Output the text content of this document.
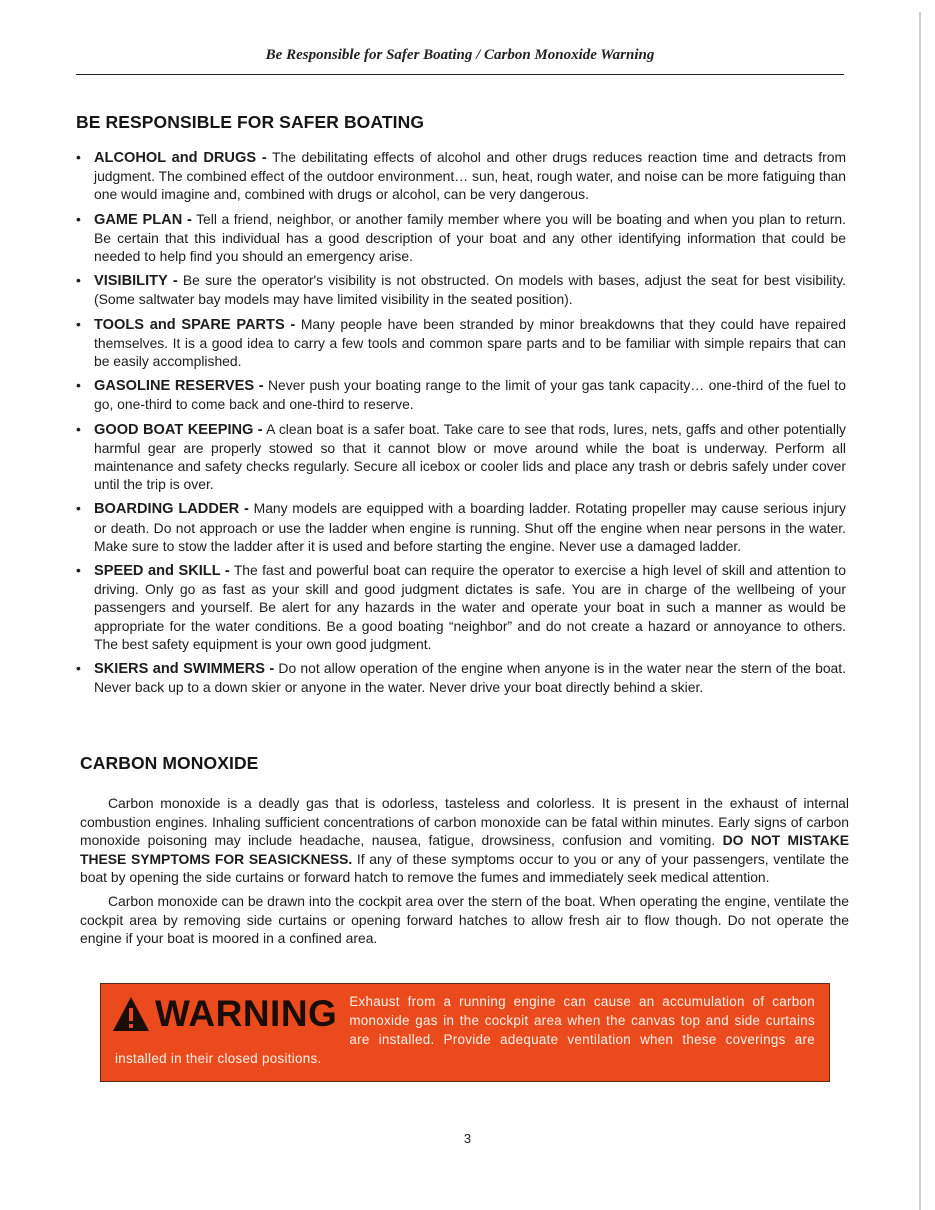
Be Responsible for Safer Boating / Carbon Monoxide Warning
BE RESPONSIBLE FOR SAFER BOATING
• ALCOHOL and DRUGS - The debilitating effects of alcohol and other drugs reduces reaction time and detracts from judgment. The combined effect of the outdoor environment… sun, heat, rough water, and noise can be more fatiguing than one would imagine and, combined with drugs or alcohol, can be very dangerous.
• GAME PLAN - Tell a friend, neighbor, or another family member where you will be boating and when you plan to return. Be certain that this individual has a good description of your boat and any other identifying information that could be needed to help find you should an emergency arise.
• VISIBILITY - Be sure the operator's visibility is not obstructed. On models with bases, adjust the seat for best visibility. (Some saltwater bay models may have limited visibility in the seated position).
• TOOLS and SPARE PARTS - Many people have been stranded by minor breakdowns that they could have repaired themselves. It is a good idea to carry a few tools and common spare parts and to be familiar with simple repairs that can be easily accomplished.
• GASOLINE RESERVES - Never push your boating range to the limit of your gas tank capacity… one-third of the fuel to go, one-third to come back and one-third to reserve.
• GOOD BOAT KEEPING - A clean boat is a safer boat. Take care to see that rods, lures, nets, gaffs and other potentially harmful gear are properly stowed so that it cannot blow or move around while the boat is underway. Perform all maintenance and safety checks regularly. Secure all icebox or cooler lids and place any trash or debris safely under cover until the trip is over.
• BOARDING LADDER - Many models are equipped with a boarding ladder. Rotating propeller may cause serious injury or death. Do not approach or use the ladder when engine is running. Shut off the engine when near persons in the water. Make sure to stow the ladder after it is used and before starting the engine. Never use a damaged ladder.
• SPEED and SKILL - The fast and powerful boat can require the operator to exercise a high level of skill and attention to driving. Only go as fast as your skill and good judgment dictates is safe. You are in charge of the wellbeing of your passengers and yourself. Be alert for any hazards in the water and operate your boat in such a manner as would be appropriate for the water conditions. Be a good boating “neighbor” and do not create a hazard or annoyance to others. The best safety equipment is your own good judgment.
• SKIERS and SWIMMERS - Do not allow operation of the engine when anyone is in the water near the stern of the boat. Never back up to a down skier or anyone in the water. Never drive your boat directly behind a skier.
CARBON MONOXIDE

Carbon monoxide is a deadly gas that is odorless, tasteless and colorless. It is present in the exhaust of internal combustion engines. Inhaling sufficient concentrations of carbon monoxide can be fatal within minutes. Early signs of carbon monoxide poisoning may include headache, nausea, fatigue, drowsiness, confusion and vomiting. DO NOT MISTAKE THESE SYMPTOMS FOR SEASICKNESS. If any of these symptoms occur to you or any of your passengers, ventilate the boat by opening the side curtains or forward hatch to remove the fumes and immediately seek medical attention.

Carbon monoxide can be drawn into the cockpit area over the stern of the boat. When operating the engine, ventilate the cockpit area by removing side curtains or opening forward hatches to allow fresh air to flow though. Do not operate the engine if your boat is moored in a confined area.

WARNING Exhaust from a running engine can cause an accumulation of carbon monoxide gas in the cockpit area when the canvas top and side curtains are installed. Provide adequate ventilation when these coverings are installed in their closed positions.
3
